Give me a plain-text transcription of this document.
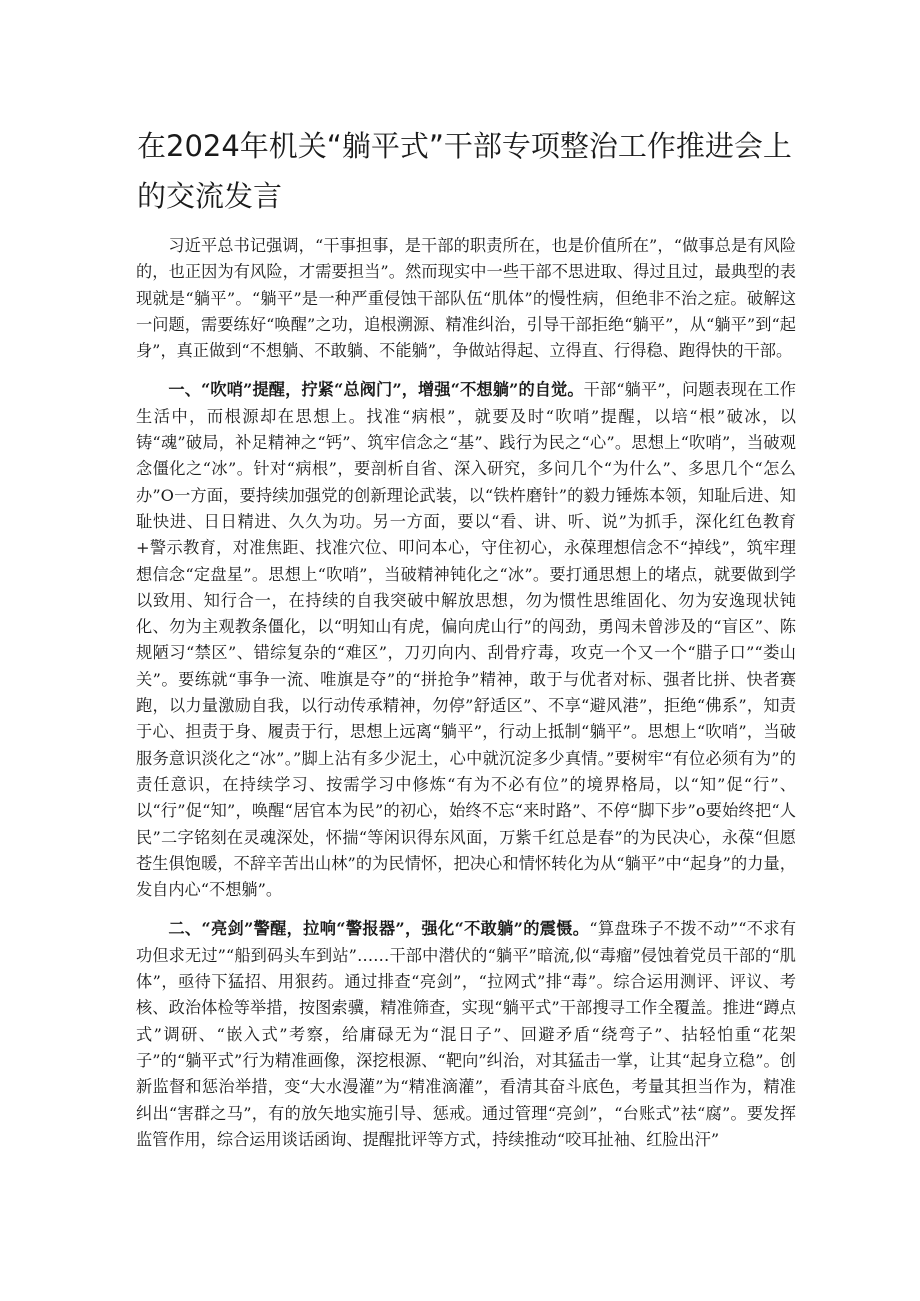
在2024年机关“躺平式”干部专项整治工作推进会上的交流发言

习近平总书记强调，“干事担事，是干部的职责所在，也是价值所在”，“做事总是有风险的，也正因为有风险，才需要担当”。然而现实中一些干部不思进取、得过且过，最典型的表现就是“躺平”。“躺平”是一种严重侵蚀干部队伍“肌体”的慢性病，但绝非不治之症。破解这一问题，需要练好“唤醒”之功，追根溯源、精准纠治，引导干部拒绝“躺平”，从“躺平”到“起身”，真正做到“不想躺、不敢躺、不能躺”，争做站得起、立得直、行得稳、跑得快的干部。

一、“吹哨”提醒，拧紧“总阀门”，增强“不想躺”的自觉。干部“躺平”，问题表现在工作生活中，而根源却在思想上。找准“病根”，就要及时“吹哨”提醒，以培“根”破冰，以铸“魂”破局，补足精神之“钙”、筑牢信念之“基”、践行为民之“心”。思想上“吹哨”，当破观念僵化之“冰”。针对“病根”，要剖析自省、深入研究，多问几个“为什么”、多思几个“怎么办”O一方面，要持续加强党的创新理论武装，以“铁杵磨针”的毅力锤炼本领，知耻后进、知耻快进、日日精进、久久为功。另一方面，要以“看、讲、听、说”为抓手，深化红色教育+警示教育，对准焦距、找准穴位、叩问本心，守住初心，永葆理想信念不“掉线”，筑牢理想信念“定盘星”。思想上“吹哨”，当破精神钝化之“冰”。要打通思想上的堵点，就要做到学以致用、知行合一，在持续的自我突破中解放思想，勿为惯性思维固化、勿为安逸现状钝化、勿为主观教条僵化，以“明知山有虎，偏向虎山行”的闯劲，勇闯未曾涉及的“盲区”、陈规陋习“禁区”、错综复杂的“难区”，刀刃向内、刮骨疗毒，攻克一个又一个“腊子口”“娄山关”。要练就“事争一流、唯旗是夺”的“拼抢争”精神，敢于与优者对标、强者比拼、快者赛跑，以力量激励自我，以行动传承精神，勿停”舒适区”、不享“避风港”，拒绝“佛系”，知责于心、担责于身、履责于行，思想上远离“躺平”，行动上抵制“躺平”。思想上“吹哨”，当破服务意识淡化之“冰”。”脚上沾有多少泥土，心中就沉淀多少真情。”要树牢“有位必须有为”的责任意识，在持续学习、按需学习中修炼“有为不必有位”的境界格局，以“知”促“行”、以“行”促“知”，唤醒“居官本为民”的初心，始终不忘“来时路”、不停“脚下步”o要始终把“人民”二字铭刻在灵魂深处，怀揣“等闲识得东风面，万紫千红总是春”的为民决心，永葆“但愿苍生俱饱暖，不辞辛苦出山林”的为民情怀，把决心和情怀转化为从“躺平”中“起身”的力量，发自内心“不想躺”。

二、“亮剑”警醒，拉响“警报器”，强化“不敢躺”的震慑。“算盘珠子不拨不动”“不求有功但求无过”“船到码头车到站”……干部中潜伏的“躺平”暗流,似“毒瘤”侵蚀着党员干部的“肌体”，亟待下猛招、用狠药。通过排查“亮剑”，“拉网式”排“毒”。综合运用测评、评议、考核、政治体检等举措，按图索骥，精准筛查，实现“躺平式”干部搜寻工作全覆盖。推进“蹲点式”调研、“嵌入式”考察，给庸碌无为“混日子”、回避矛盾“绕弯子”、拈轻怕重“花架子”的“躺平式”行为精准画像，深挖根源、“靶向”纠治，对其猛击一掌，让其“起身立稳”。创新监督和惩治举措，变“大水漫灌”为“精准滴灌”，看清其奋斗底色，考量其担当作为，精准纠出“害群之马”，有的放矢地实施引导、惩戒。通过管理“亮剑”，“台账式”祛“腐”。要发挥监管作用，综合运用谈话函询、提醒批评等方式，持续推动“咬耳扯袖、红脸出汗”
